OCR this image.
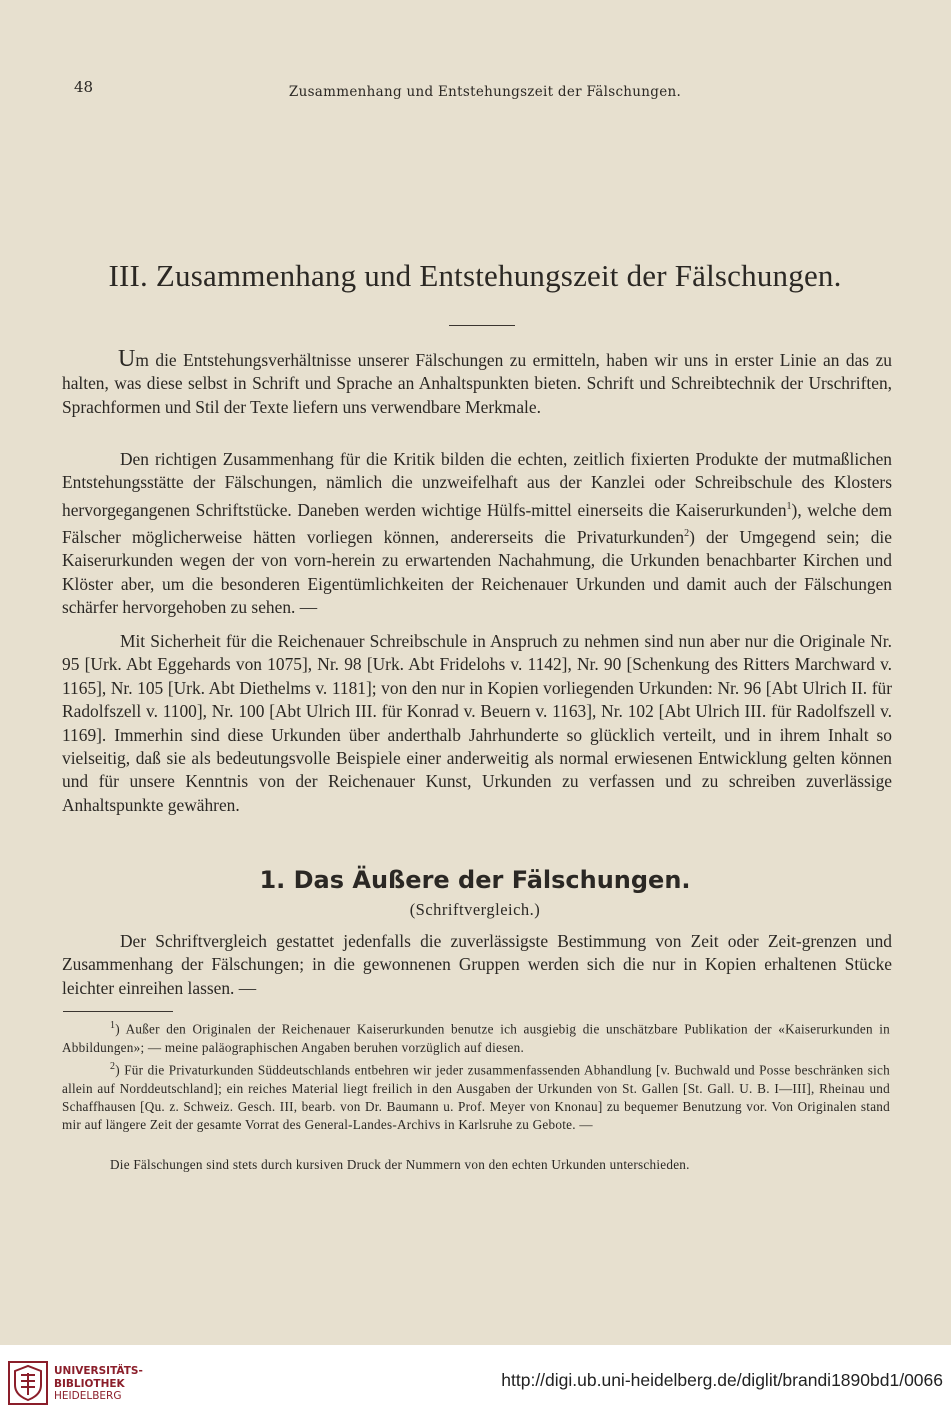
48	Zusammenhang und Entstehungszeit der Fälschungen.
III. Zusammenhang und Entstehungszeit der Fälschungen.

Um die Entstehungsverhältnisse unserer Fälschungen zu ermitteln, haben wir uns in erster Linie an das zu halten, was diese selbst in Schrift und Sprache an Anhaltspunkten bieten. Schrift und Schreibtechnik der Urschriften, Sprachformen und Stil der Texte liefern uns verwendbare Merkmale.

Den richtigen Zusammenhang für die Kritik bilden die echten, zeitlich fixierten Produkte der mutmaßlichen Entstehungsstätte der Fälschungen, nämlich die unzweifelhaft aus der Kanzlei oder Schreibschule des Klosters hervorgegangenen Schriftstücke. Daneben werden wichtige Hülfs-mittel einerseits die Kaiserurkunden$^1$), welche dem Fälscher möglicherweise hätten vorliegen können, andererseits die Privaturkunden$^2$) der Umgegend sein; die Kaiserurkunden wegen der von vorn-herein zu erwartenden Nachahmung, die Urkunden benachbarter Kirchen und Klöster aber, um die besonderen Eigentümlichkeiten der Reichenauer Urkunden und damit auch der Fälschungen schärfer hervorgehoben zu sehen. —

Mit Sicherheit für die Reichenauer Schreibschule in Anspruch zu nehmen sind nun aber nur die Originale Nr. 95 [Urk. Abt Eggehards von 1075], Nr. 98 [Urk. Abt Fridelohs v. 1142], Nr. 90 [Schenkung des Ritters Marchward v. 1165], Nr. 105 [Urk. Abt Diethelms v. 1181]; von den nur in Kopien vorliegenden Urkunden: Nr. 96 [Abt Ulrich II. für Radolfszell v. 1100], Nr. 100 [Abt Ulrich III. für Konrad v. Beuern v. 1163], Nr. 102 [Abt Ulrich III. für Radolfszell v. 1169]. Immerhin sind diese Urkunden über anderthalb Jahrhunderte so glücklich verteilt, und in ihrem Inhalt so vielseitig, daß sie als bedeutungsvolle Beispiele einer anderweitig als normal erwiesenen Entwicklung gelten können und für unsere Kenntnis von der Reichenauer Kunst, Urkunden zu verfassen und zu schreiben zuverlässige Anhaltspunkte gewähren.

1. Das Äußere der Fälschungen.
(Schriftvergleich.)

Der Schriftvergleich gestattet jedenfalls die zuverlässigste Bestimmung von Zeit oder Zeit-grenzen und Zusammenhang der Fälschungen; in die gewonnenen Gruppen werden sich die nur in Kopien erhaltenen Stücke leichter einreihen lassen. —

$^1$) Außer den Originalen der Reichenauer Kaiserurkunden benutze ich ausgiebig die unschätzbare Publikation der «Kaiserurkunden in Abbildungen»; — meine paläographischen Angaben beruhen vorzüglich auf diesen.

$^2$) Für die Privaturkunden Süddeutschlands entbehren wir jeder zusammenfassenden Abhandlung [v. Buchwald und Posse beschränken sich allein auf Norddeutschland]; ein reiches Material liegt freilich in den Ausgaben der Urkunden von St. Gallen [St. Gall. U. B. I—III], Rheinau und Schaffhausen [Qu. z. Schweiz. Gesch. III, bearb. von Dr. Baumann u. Prof. Meyer von Knonau] zu bequemer Benutzung vor. Von Originalen stand mir auf längere Zeit der gesamte Vorrat des General-Landes-Archivs in Karlsruhe zu Gebote. —

Die Fälschungen sind stets durch kursiven Druck der Nummern von den echten Urkunden unterschieden.

UNIVERSITÄTS-
BIBLIOTHEK
HEIDELBERG
http://digi.ub.uni-heidelberg.de/diglit/brandi1890bd1/0066
